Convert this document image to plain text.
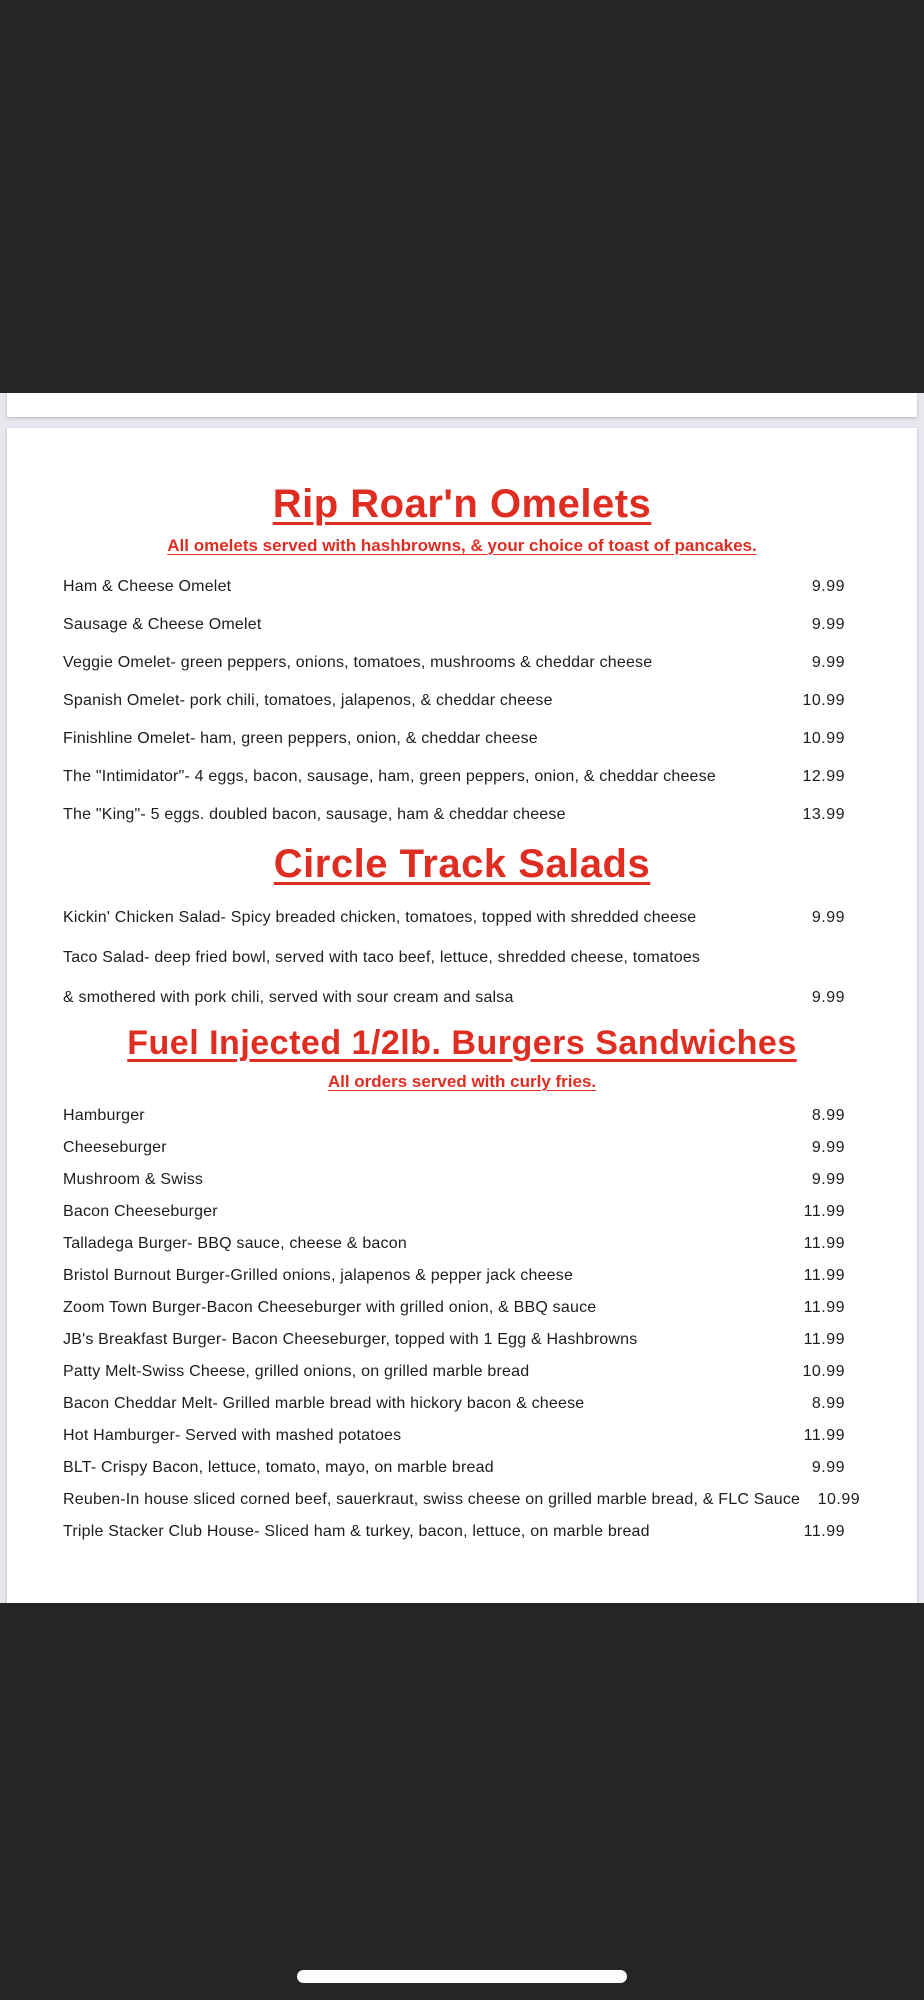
Rip Roar'n Omelets
All omelets served with hashbrowns, & your choice of toast of pancakes.
Ham & Cheese Omelet	9.99
Sausage & Cheese Omelet	9.99
Veggie Omelet- green peppers, onions, tomatoes, mushrooms & cheddar cheese	9.99
Spanish Omelet- pork chili, tomatoes, jalapenos, & cheddar cheese	10.99
Finishline Omelet- ham, green peppers, onion, & cheddar cheese	10.99
The "Intimidator"- 4 eggs, bacon, sausage, ham, green peppers, onion, & cheddar cheese	12.99
The "King"- 5 eggs. doubled bacon, sausage, ham & cheddar cheese	13.99
Circle Track Salads
Kickin' Chicken Salad- Spicy breaded chicken, tomatoes, topped with shredded cheese	9.99
Taco Salad- deep fried bowl, served with taco beef, lettuce, shredded cheese, tomatoes
& smothered with pork chili, served with sour cream and salsa	9.99
Fuel Injected 1/2lb. Burgers Sandwiches
All orders served with curly fries.
Hamburger	8.99
Cheeseburger	9.99
Mushroom & Swiss	9.99
Bacon Cheeseburger	11.99
Talladega Burger- BBQ sauce, cheese & bacon	11.99
Bristol Burnout Burger-Grilled onions, jalapenos & pepper jack cheese	11.99
Zoom Town Burger-Bacon Cheeseburger with grilled onion, & BBQ sauce	11.99
JB's Breakfast Burger- Bacon Cheeseburger, topped with 1 Egg & Hashbrowns	11.99
Patty Melt-Swiss Cheese, grilled onions, on grilled marble bread	10.99
Bacon Cheddar Melt- Grilled marble bread with hickory bacon & cheese	8.99
Hot Hamburger- Served with mashed potatoes	11.99
BLT- Crispy Bacon, lettuce, tomato, mayo, on marble bread	9.99
Reuben-In house sliced corned beef, sauerkraut, swiss cheese on grilled marble bread, & FLC Sauce	10.99
Triple Stacker Club House- Sliced ham & turkey, bacon, lettuce, on marble bread	11.99
